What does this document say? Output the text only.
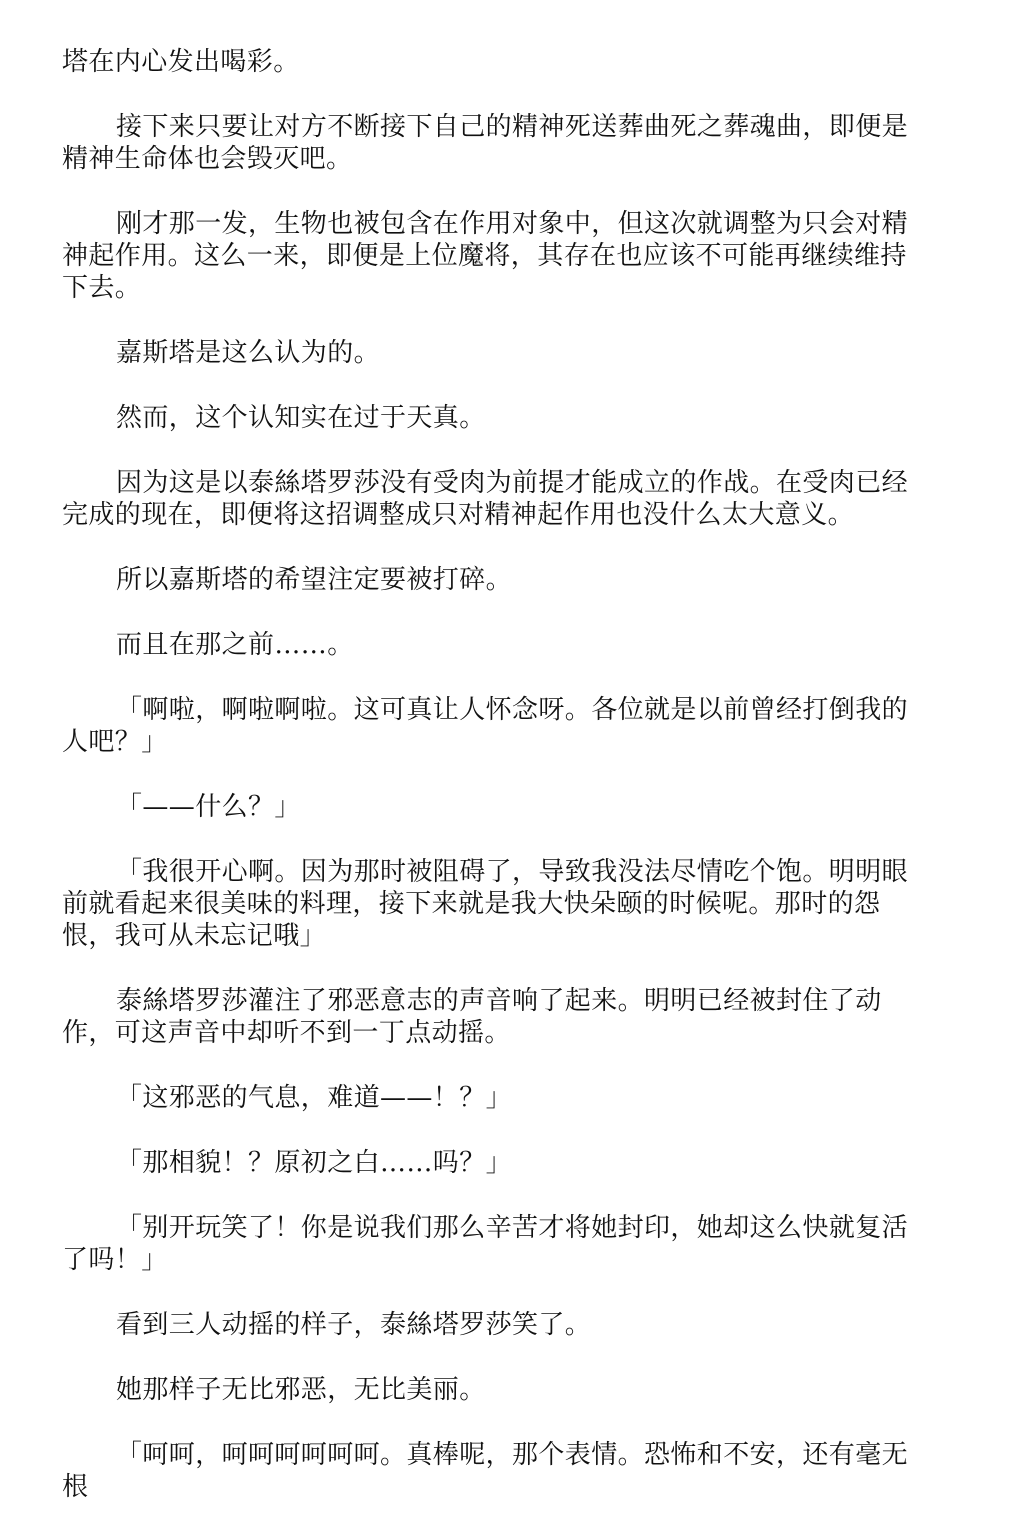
塔在内心发出喝彩。

接下来只要让对方不断接下自己的精神死送葬曲死之葬魂曲，即便是精神生命体也会毁灭吧。

刚才那一发，生物也被包含在作用对象中，但这次就调整为只会对精神起作用。这么一来，即便是上位魔将，其存在也应该不可能再继续维持下去。

嘉斯塔是这么认为的。

然而，这个认知实在过于天真。

因为这是以泰絲塔罗莎没有受肉为前提才能成立的作战。在受肉已经完成的现在，即便将这招调整成只对精神起作用也没什么太大意义。

所以嘉斯塔的希望注定要被打碎。

而且在那之前……。

「啊啦，啊啦啊啦。这可真让人怀念呀。各位就是以前曾经打倒我的人吧？」

「——什么？」

「我很开心啊。因为那时被阻碍了，导致我没法尽情吃个饱。明明眼前就看起来很美味的料理，接下来就是我大快朵颐的时候呢。那时的怨恨，我可从未忘记哦」

泰絲塔罗莎灌注了邪恶意志的声音响了起来。明明已经被封住了动作，可这声音中却听不到一丁点动摇。

「这邪恶的气息，难道——！？」

「那相貌！？原初之白……吗？」

「别开玩笑了！你是说我们那么辛苦才将她封印，她却这么快就复活了吗！」

看到三人动摇的样子，泰絲塔罗莎笑了。

她那样子无比邪恶，无比美丽。

「呵呵，呵呵呵呵呵呵。真棒呢，那个表情。恐怖和不安，还有毫无根
